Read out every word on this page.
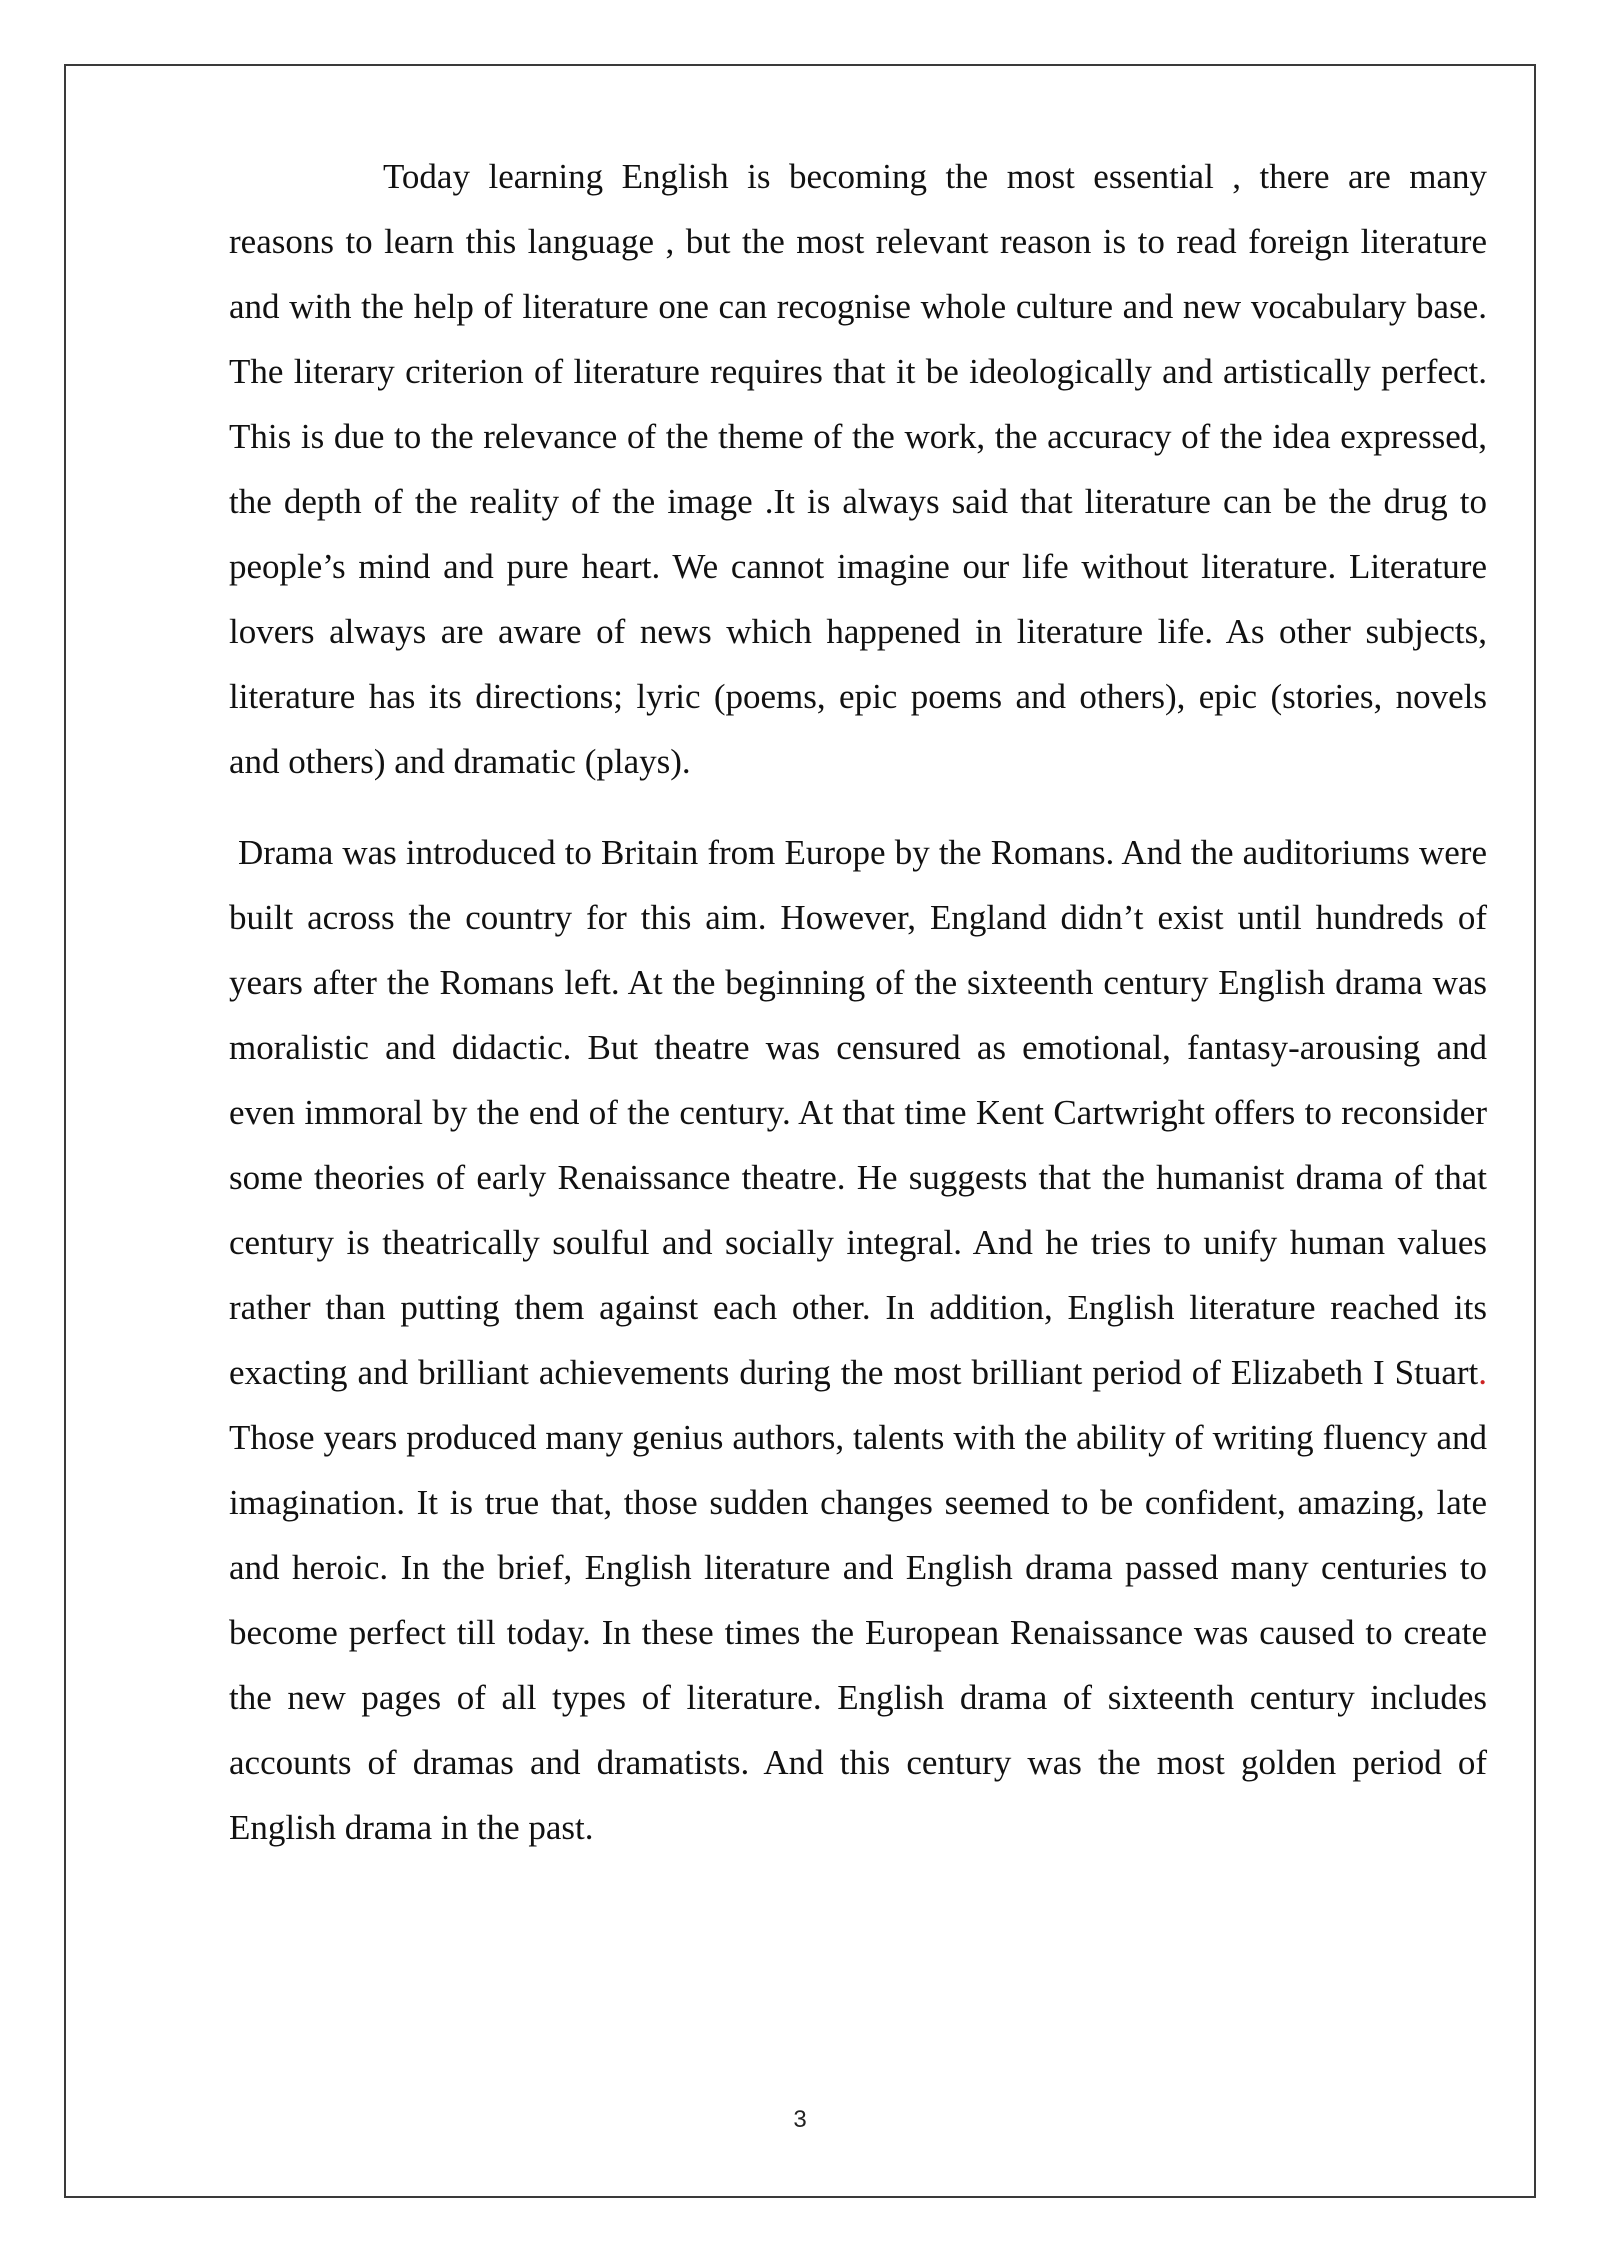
Today learning English is becoming the most essential , there are many reasons to learn this language , but the most relevant reason is to read foreign literature and with the help of literature one can recognise whole culture and new vocabulary base. The literary criterion of literature requires that it be ideologically and artistically perfect. This is due to the relevance of the theme of the work, the accuracy of the idea expressed, the depth of the reality of the image .It is always said that literature can be the drug to people’s mind and pure heart. We cannot imagine our life without literature. Literature lovers always are aware of news which happened in literature life. As other subjects, literature has its directions; lyric (poems, epic poems and others), epic (stories, novels and others) and dramatic (plays).

Drama was introduced to Britain from Europe by the Romans. And the auditoriums were built across the country for this aim. However, England didn’t exist until hundreds of years after the Romans left. At the beginning of the sixteenth century English drama was moralistic and didactic. But theatre was censured as emotional, fantasy-arousing and even immoral by the end of the century. At that time Kent Cartwright offers to reconsider some theories of early Renaissance theatre. He suggests that the humanist drama of that century is theatrically soulful and socially integral. And he tries to unify human values rather than putting them against each other. In addition, English literature reached its exacting and brilliant achievements during the most brilliant period of Elizabeth I Stuart. Those years produced many genius authors, talents with the ability of writing fluency and imagination. It is true that, those sudden changes seemed to be confident, amazing, late and heroic. In the brief, English literature and English drama passed many centuries to become perfect till today. In these times the European Renaissance was caused to create the new pages of all types of literature. English drama of sixteenth century includes accounts of dramas and dramatists. And this century was the most golden period of English drama in the past.

3
